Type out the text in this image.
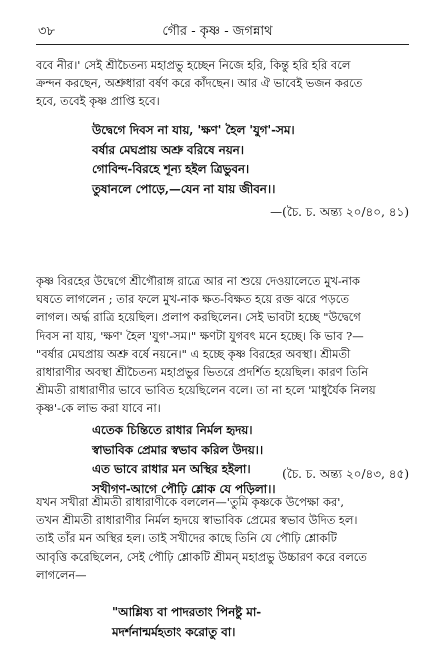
৩৮	গৌর - কৃষ্ণ - জগন্নাথ
ববে নীর।' সেই শ্রীচৈতন্য মহাপ্রভু হচ্ছেন নিজে হরি, কিন্তু হরি হরি বলে
ক্রন্দন করছেন, অশ্রুধারা বর্ষণ করে কাঁদছেন। আর ঐ ভাবেই ভজন করতে
হবে, তবেই কৃষ্ণ প্রাপ্তি হবে।
উদ্বেগে দিবস না যায়, 'ক্ষণ' হৈল 'যুগ'-সম।
বর্ষার মেঘপ্রায় অশ্রু বরিষে নয়ন।
গোবিন্দ-বিরহে শূন্য হইল ত্রিভুবন।
তুষানলে পোড়ে,—যেন না যায় জীবন।।
—(চৈ. চ. অন্ত্য ২০/৪০, ৪১)
কৃষ্ণ বিরহের উদ্বেগে শ্রীগৌরাঙ্গ রাত্রে আর না শুয়ে দেওয়ালেতে মুখ-নাক
ঘষতে লাগলেন ; তার ফলে মুখ-নাক ক্ষত-বিক্ষত হয়ে রক্ত ঝরে পড়তে
লাগল। অর্দ্ধ রাত্রি হয়েছিল। প্রলাপ করছিলেন। সেই ভাবটা হচ্ছে "উদ্বেগে
দিবস না যায়, 'ক্ষণ' হৈল 'যুগ'-সম।" ক্ষণটা যুগবৎ মনে হচ্ছে। কি ভাব ?—
"বর্ষার মেঘপ্রায় অশ্রু বর্ষে নয়নে।" এ হচ্ছে কৃষ্ণ বিরহের অবস্থা। শ্রীমতী
রাধারাণীর অবস্থা শ্রীচৈতন্য মহাপ্রভুর ভিতরে প্রদর্শিত হয়েছিল। কারণ তিনি
শ্রীমতী রাধারাণীর ভাবে ভাবিত হয়েছিলেন বলে। তা না হলে 'মাধুর্যৈক নিলয়
কৃষ্ণ'-কে লাভ করা যাবে না।
এতেক চিন্তিতে রাধার নির্মল হৃদয়।
স্বাভাবিক প্রেমার স্বভাব করিল উদয়।।
এত ভাবে রাধার মন অস্থির হইলা।
সখীগণ-আগে পৌঢ়ি শ্লোক যে পড়িলা।।
(চৈ. চ. অন্ত্য ২০/৪৩, ৪৫)
যখন সখীরা শ্রীমতী রাধারাণীকে বললেন—'তুমি কৃষ্ণকে উপেক্ষা কর',
তখন শ্রীমতী রাধারাণীর নির্মল হৃদয়ে স্বাভাবিক প্রেমের স্বভাব উদিত হল।
তাই তাঁর মন অস্থির হল। তাই সখীদের কাছে তিনি যে পৌঢ়ি শ্লোকটি
আবৃত্তি করেছিলেন, সেই পৌঢ়ি শ্লোকটি শ্রীমন্ মহাপ্রভু উচ্চারণ করে বলতে
লাগলেন—
"আশ্লিষ্য বা পাদরতাং পিনষ্টু মা-
মদর্শনান্মর্মহতাং করোতু বা।
